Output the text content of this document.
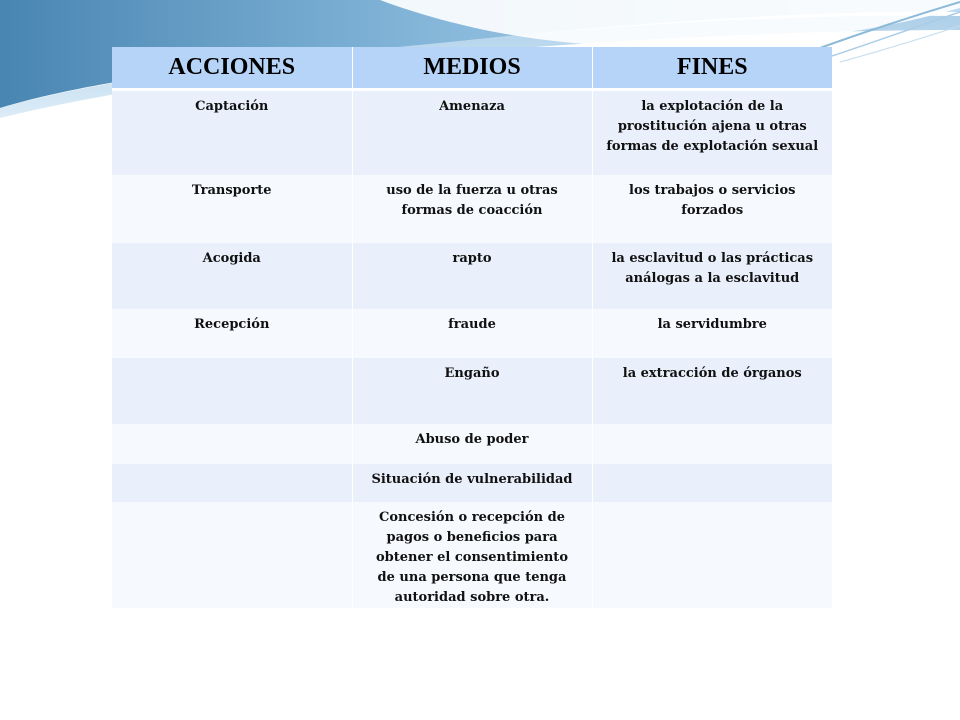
ACCIONES	MEDIOS	FINES
Captación	Amenaza	la explotación de la prostitución ajena u otras formas de explotación sexual
Transporte	uso de la fuerza u otras formas de coacción	los trabajos o servicios forzados
Acogida	rapto	la esclavitud o las prácticas análogas a la esclavitud
Recepción	fraude	la servidumbre
	Engaño	la extracción de órganos
	Abuso de poder	
	Situación de vulnerabilidad	
	Concesión o recepción de pagos o beneficios para obtener el consentimiento de una persona que tenga autoridad sobre otra.	
